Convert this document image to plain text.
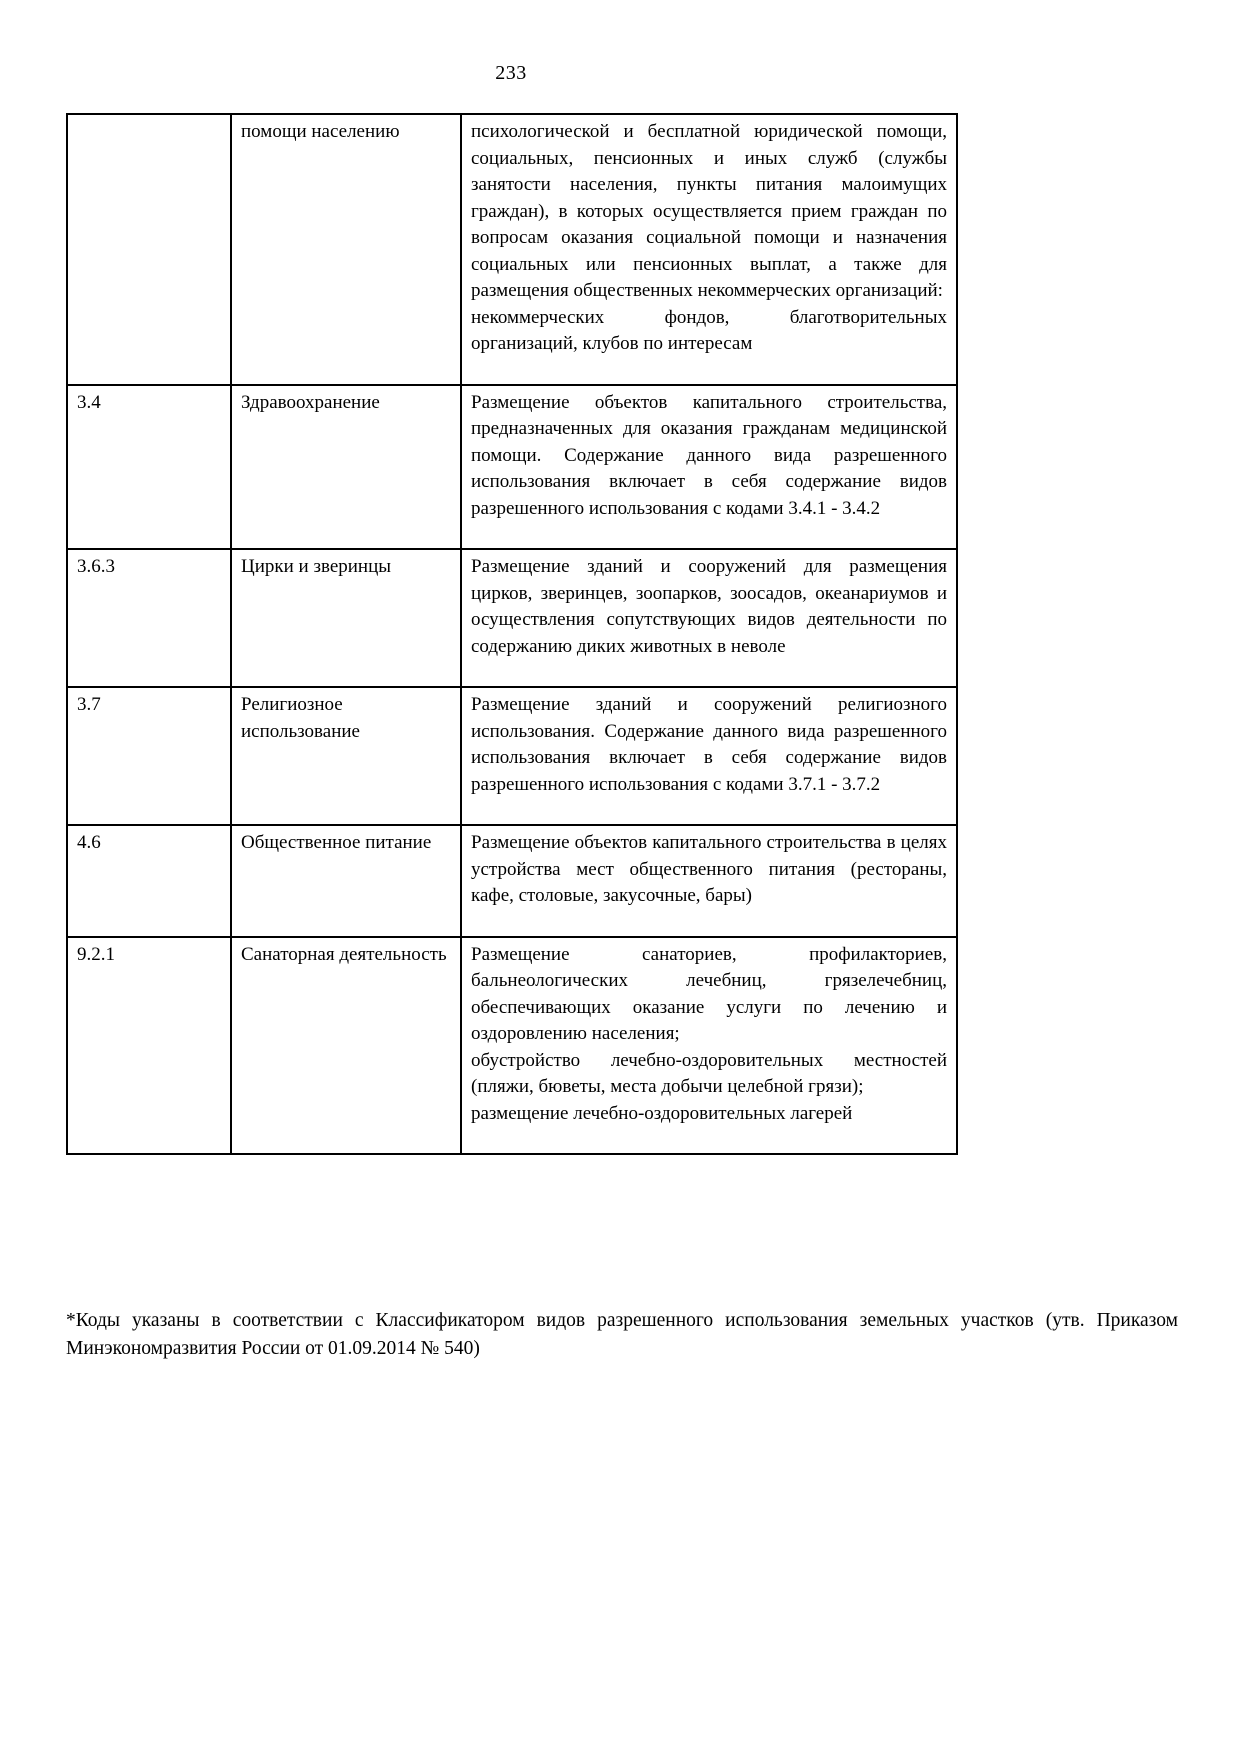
233
	помощи населению	психологической и бесплатной юридической помощи, социальных, пенсионных и иных служб (службы занятости населения, пункты питания малоимущих граждан), в которых осуществляется прием граждан по вопросам оказания социальной помощи и назначения социальных или пенсионных выплат, а также для размещения общественных некоммерческих организаций:
некоммерческих фондов, благотворительных организаций, клубов по интересам

3.4	Здравоохранение	Размещение объектов капитального строительства, предназначенных для оказания гражданам медицинской помощи. Содержание данного вида разрешенного использования включает в себя содержание видов разрешенного использования с кодами 3.4.1 - 3.4.2

3.6.3	Цирки и зверинцы	Размещение зданий и сооружений для размещения цирков, зверинцев, зоопарков, зоосадов, океанариумов и осуществления сопутствующих видов деятельности по содержанию диких животных в неволе

3.7	Религиозное использование	Размещение зданий и сооружений религиозного использования. Содержание данного вида разрешенного использования включает в себя содержание видов разрешенного использования с кодами 3.7.1 - 3.7.2

4.6	Общественное питание	Размещение объектов капитального строительства в целях устройства мест общественного питания (рестораны, кафе, столовые, закусочные, бары)

9.2.1	Санаторная деятельность	Размещение санаториев, профилакториев, бальнеологических лечебниц, грязелечебниц, обеспечивающих оказание услуги по лечению и оздоровлению населения;
обустройство лечебно-оздоровительных местностей (пляжи, бюветы, места добычи целебной грязи);
размещение лечебно-оздоровительных лагерей
*Коды указаны в соответствии с Классификатором видов разрешенного использования земельных участков (утв. Приказом Минэкономразвития России от 01.09.2014 № 540)
